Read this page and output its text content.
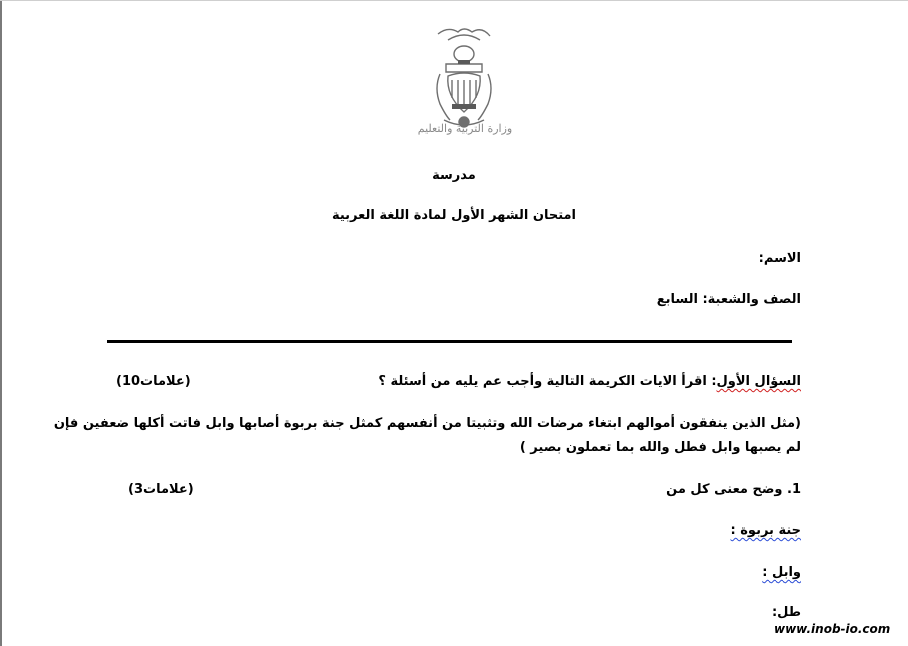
وزارة التربية والتعليم
مدرسة
امتحان الشهر الأول لمادة اللغة العربية
الاسم:
الصف والشعبة: السابع
السؤال الأول: اقرأ الايات الكريمة التالية وأجب عم يليه من أسئلة ؟
(10علامات)
(مثل الذين ينفقون أموالهم ابتغاء مرضات الله وتثبيتا من أنفسهم كمثل جنة بربوة أصابها وابل فاتت أكلها ضعفين فإن
لم يصبها وابل فطل والله بما تعملون بصير )
1. وضح معنى كل من
(3علامات)
جنة بربوة :
وابل :
طل:
www.inob-io.com
